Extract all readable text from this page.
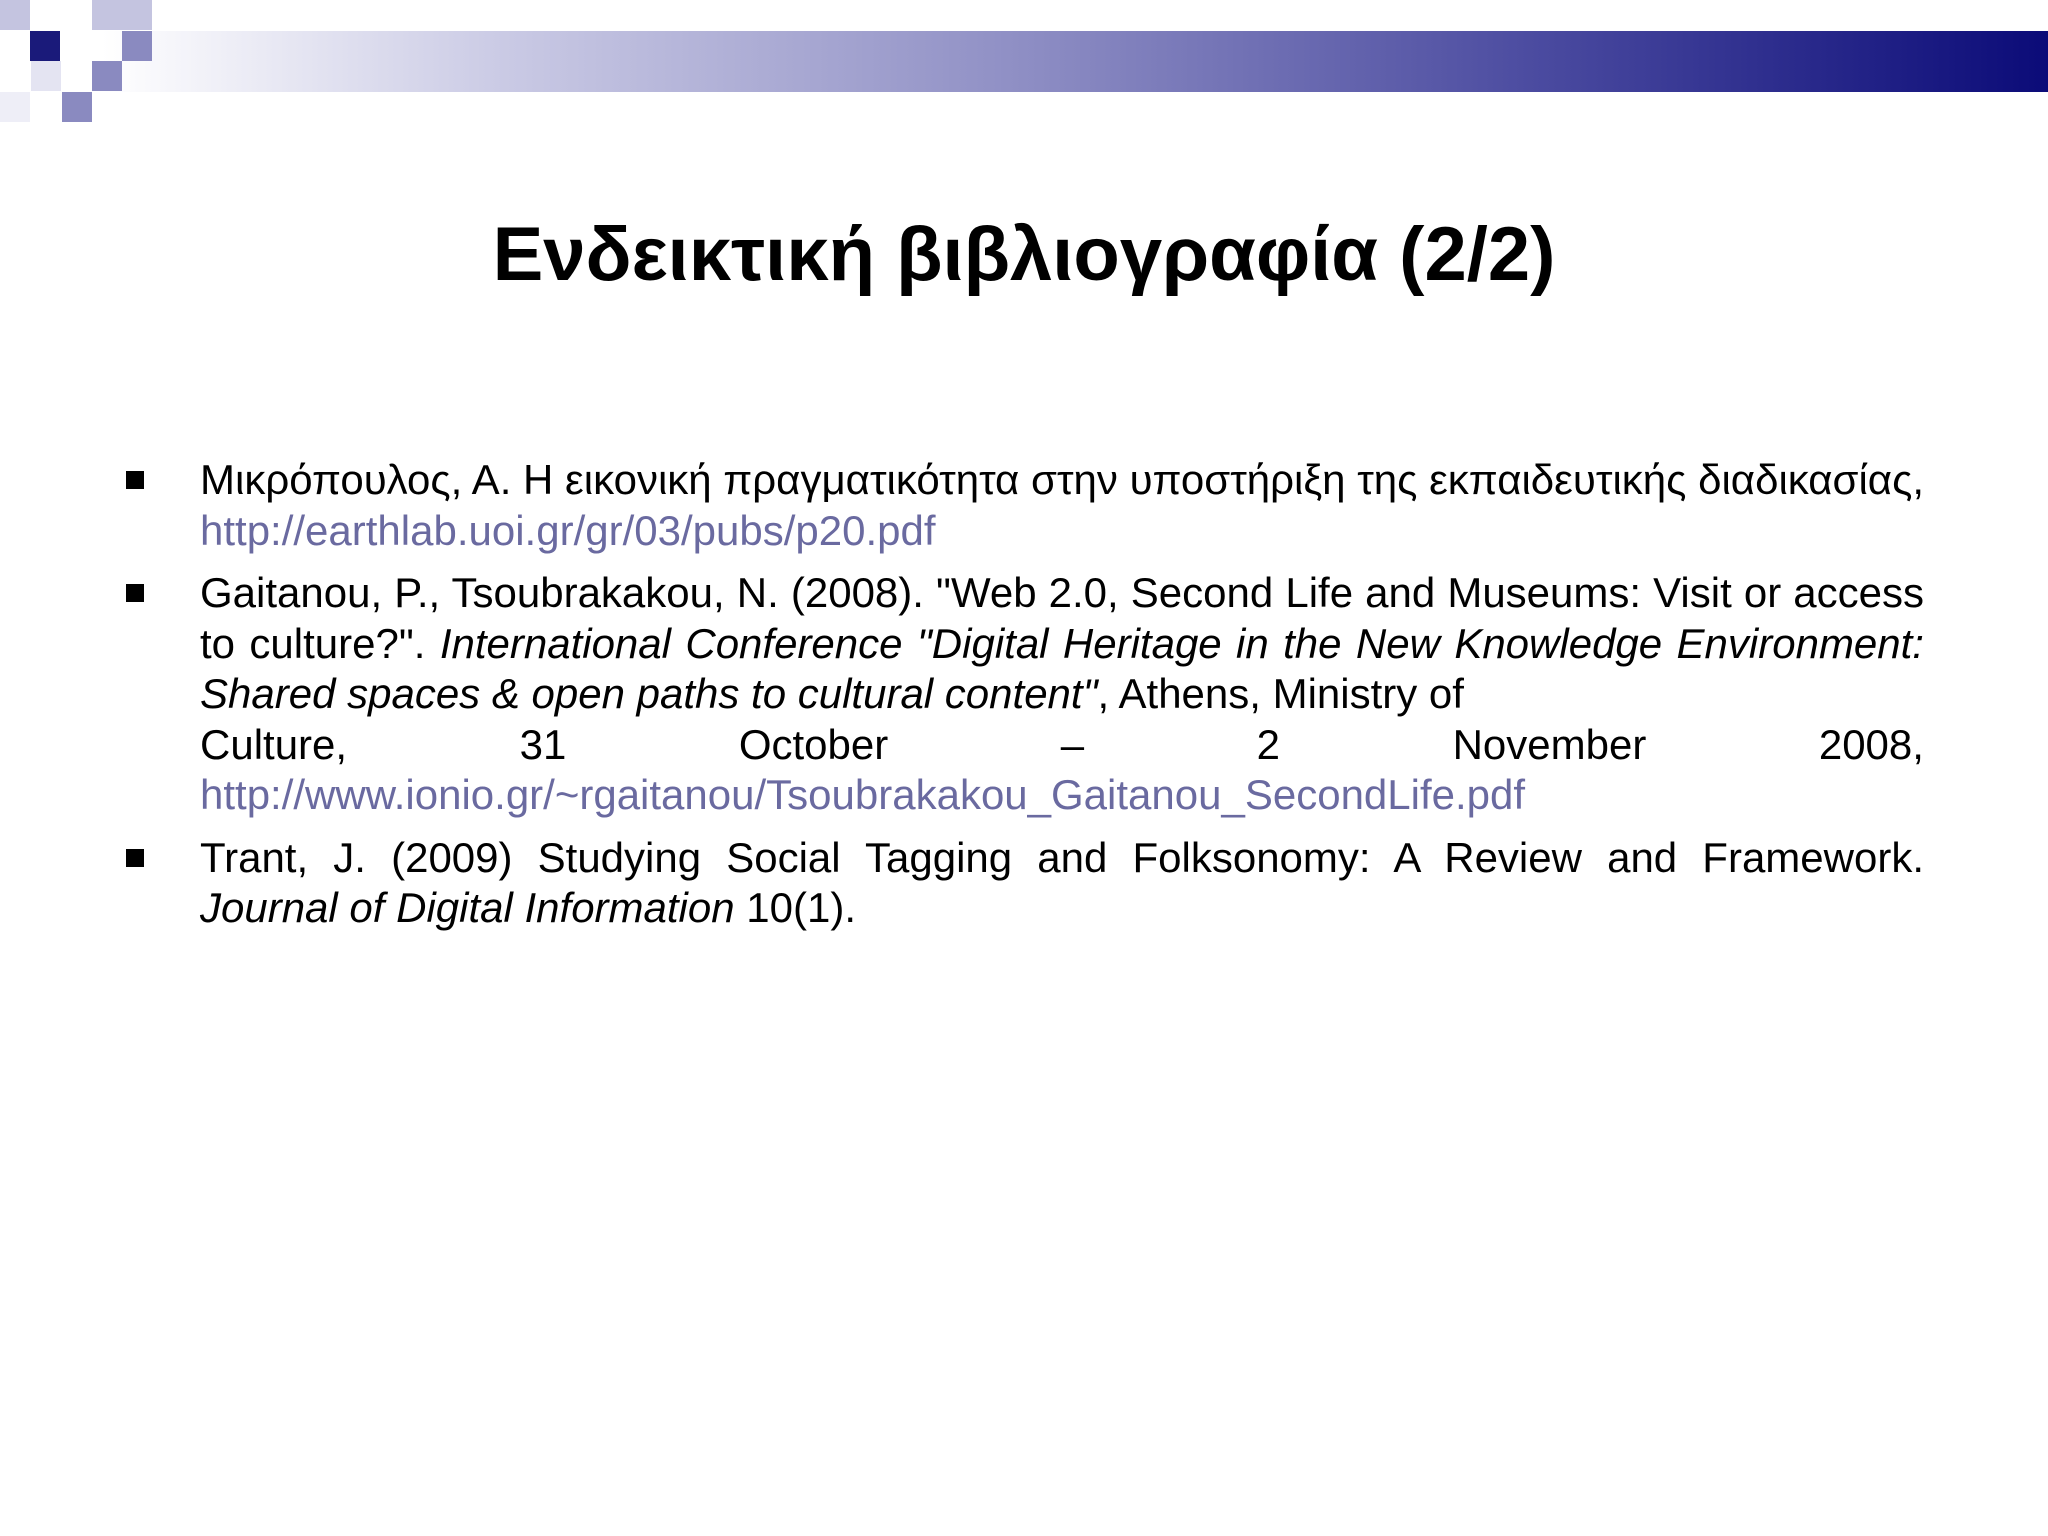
Ενδεικτική βιβλιογραφία (2/2)
Μικρόπουλος, Α. Η εικονική πραγματικότητα στην υποστήριξη της εκπαιδευτικής διαδικασίας, http://earthlab.uoi.gr/gr/03/pubs/p20.pdf
Gaitanou, P., Tsoubrakakou, N. (2008). "Web 2.0, Second Life and Museums: Visit or access to culture?". International Conference "Digital Heritage in the New Knowledge Environment: Shared spaces & open paths to cultural content", Athens, Ministry of
Culture,	31	October	–	2	November	2008,
http://www.ionio.gr/~rgaitanou/Tsoubrakakou_Gaitanou_SecondLife.pdf
Trant, J. (2009) Studying Social Tagging and Folksonomy: A Review and Framework. Journal of Digital Information 10(1).
